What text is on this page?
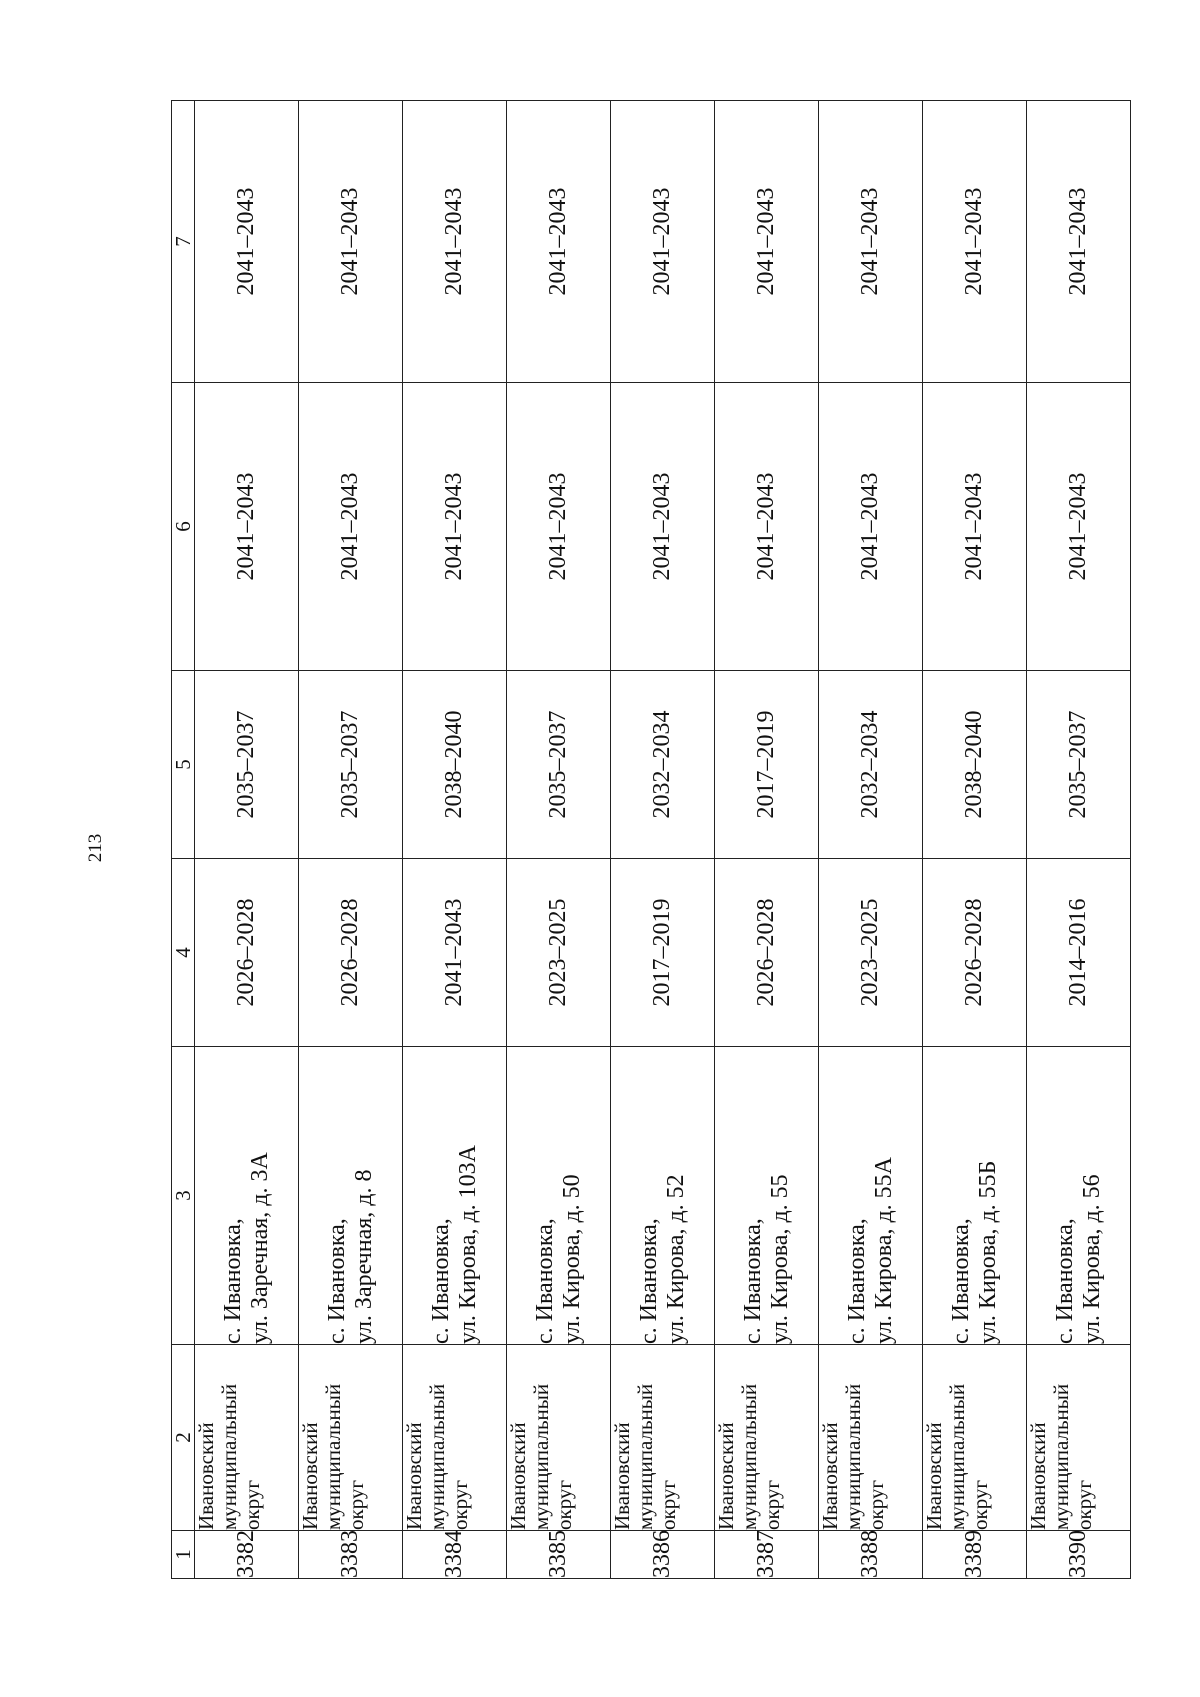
213
1	2	3	4	5	6	7
3382	Ивановский
муниципальный
округ	с. Ивановка,
ул. Заречная, д. 3А	2026–2028	2035–2037	2041–2043	2041–2043
3383	Ивановский
муниципальный
округ	с. Ивановка,
ул. Заречная, д. 8	2026–2028	2035–2037	2041–2043	2041–2043
3384	Ивановский
муниципальный
округ	с. Ивановка,
ул. Кирова, д. 103А	2041–2043	2038–2040	2041–2043	2041–2043
3385	Ивановский
муниципальный
округ	с. Ивановка,
ул. Кирова, д. 50	2023–2025	2035–2037	2041–2043	2041–2043
3386	Ивановский
муниципальный
округ	с. Ивановка,
ул. Кирова, д. 52	2017–2019	2032–2034	2041–2043	2041–2043
3387	Ивановский
муниципальный
округ	с. Ивановка,
ул. Кирова, д. 55	2026–2028	2017–2019	2041–2043	2041–2043
3388	Ивановский
муниципальный
округ	с. Ивановка,
ул. Кирова, д. 55А	2023–2025	2032–2034	2041–2043	2041–2043
3389	Ивановский
муниципальный
округ	с. Ивановка,
ул. Кирова, д. 55Б	2026–2028	2038–2040	2041–2043	2041–2043
3390	Ивановский
муниципальный
округ	с. Ивановка,
ул. Кирова, д. 56	2014–2016	2035–2037	2041–2043	2041–2043
